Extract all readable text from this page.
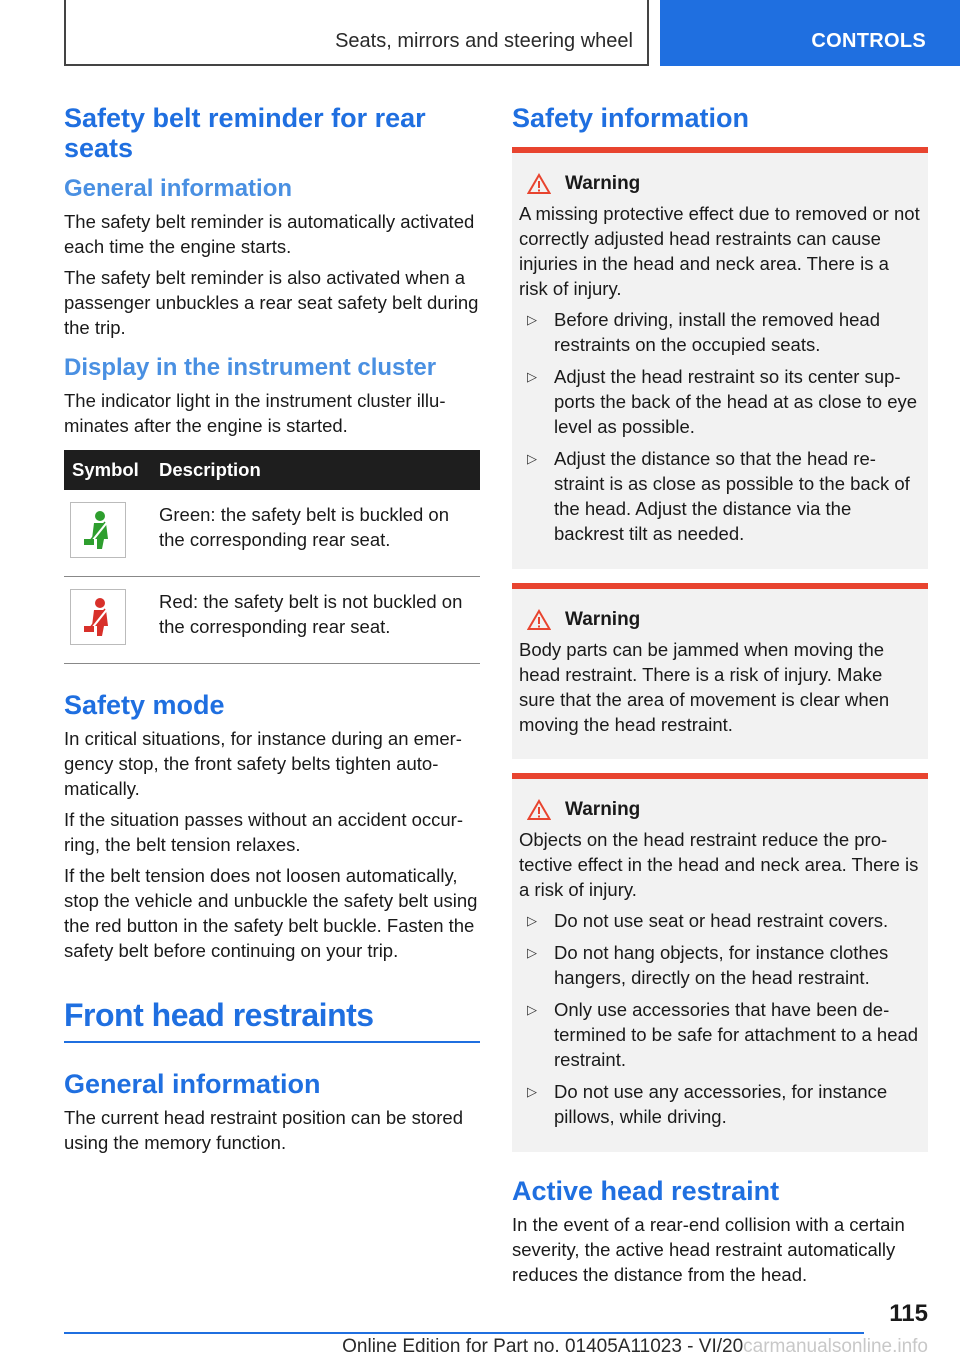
Seats, mirrors and steering wheel	CONTROLS
Safety belt reminder for rear seats
General information

The safety belt reminder is automatically activated each time the engine starts.

The safety belt reminder is also activated when a passenger unbuckles a rear seat safety belt during the trip.

Display in the instrument cluster

The indicator light in the instrument cluster illuminates after the engine is started.

Symbol	Description

	Green: the safety belt is buckled on the corresponding rear seat.

	Red: the safety belt is not buckled on the corresponding rear seat.
Safety mode

In critical situations, for instance during an emergency stop, the front safety belts tighten automatically.

If the situation passes without an accident occurring, the belt tension relaxes.

If the belt tension does not loosen automatically, stop the vehicle and unbuckle the safety belt using the red button in the safety belt buckle. Fasten the safety belt before continuing on your trip.

Front head restraints
General information

The current head restraint position can be stored using the memory function.

Safety information
Warning

A missing protective effect due to removed or not correctly adjusted head restraints can cause injuries in the head and neck area. There is a risk of injury.

▷ Before driving, install the removed head restraints on the occupied seats.
▷ Adjust the head restraint so its center supports the back of the head at as close to eye level as possible.
▷ Adjust the distance so that the head restraint is as close as possible to the back of the head. Adjust the distance via the backrest tilt as needed.
Warning

Body parts can be jammed when moving the head restraint. There is a risk of injury. Make sure that the area of movement is clear when moving the head restraint.

Warning

Objects on the head restraint reduce the protective effect in the head and neck area. There is a risk of injury.

▷ Do not use seat or head restraint covers.
▷ Do not hang objects, for instance clothes hangers, directly on the head restraint.
▷ Only use accessories that have been determined to be safe for attachment to a head restraint.
▷ Do not use any accessories, for instance pillows, while driving.
Active head restraint

In the event of a rear-end collision with a certain severity, the active head restraint automatically reduces the distance from the head.

115
Online Edition for Part no. 01405A11023 - VI/20carmanualsonline.info
